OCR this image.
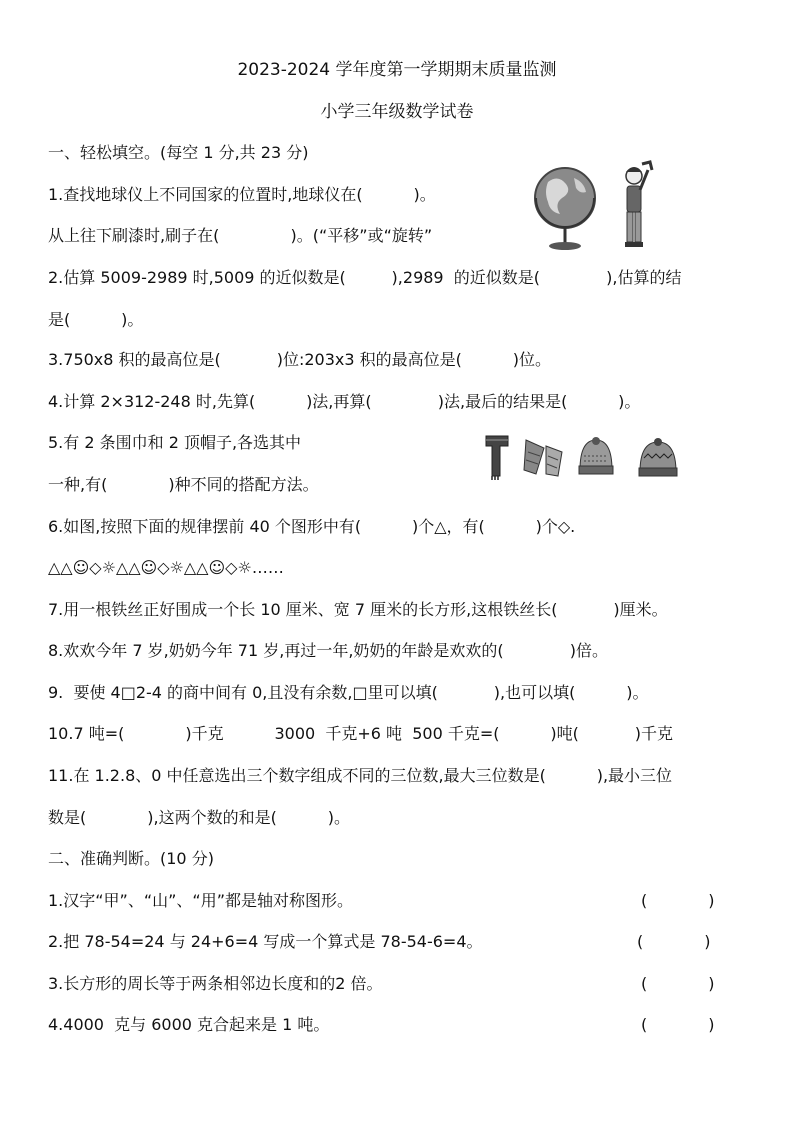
2023-2024 学年度第一学期期末质量监测
小学三年级数学试卷
一、轻松填空。(每空 1 分,共 23 分)
1.查找地球仪上不同国家的位置时,地球仪在(          )。
从上往下刷漆时,刷子在(              )。(“平移”或“旋转”
2.估算 5009-2989 时,5009 的近似数是(         ),2989  的近似数是(             ),估算的结
是(          )。
3.750x8 积的最高位是(           )位:203x3 积的最高位是(          )位。
4.计算 2×312-248 时,先算(          )法,再算(             )法,最后的结果是(          )。
5.有 2 条围巾和 2 顶帽子,各选其中
一种,有(            )种不同的搭配方法。
6.如图,按照下面的规律摆前 40 个图形中有(          )个△，有(          )个◇.
△△☺◇☼△△☺◇☼△△☺◇☼……
7.用一根铁丝正好围成一个长 10 厘米、宽 7 厘米的长方形,这根铁丝长(           )厘米。
8.欢欢今年 7 岁,奶奶今年 71 岁,再过一年,奶奶的年龄是欢欢的(             )倍。
9.  要使 4□2-4 的商中间有 0,且没有余数,□里可以填(           ),也可以填(          )。
10.7 吨=(            )千克          3000  千克+6 吨  500 千克=(          )吨(           )千克
11.在 1.2.8、0 中任意选出三个数字组成不同的三位数,最大三位数是(          ),最小三位
数是(            ),这两个数的和是(          )。
二、准确判断。(10 分)
1.汉字“甲”、“山”、“用”都是轴对称图形。	(            )
2.把 78-54=24 与 24+6=4 写成一个算式是 78-54-6=4。	(            )
3.长方形的周长等于两条相邻边长度和的2 倍。	(            )
4.4000  克与 6000 克合起来是 1 吨。	(            )
